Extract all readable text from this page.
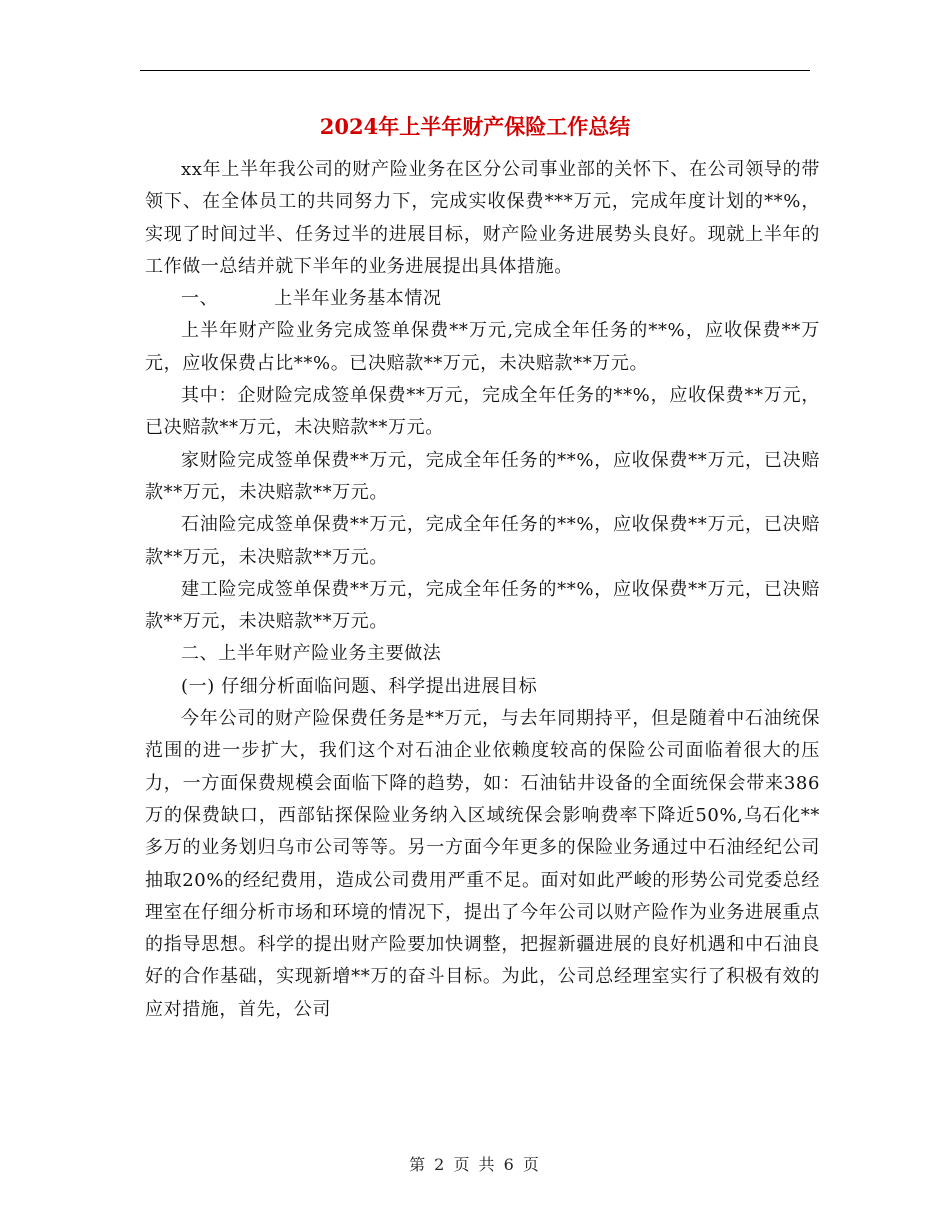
2024年上半年财产保险工作总结

xx年上半年我公司的财产险业务在区分公司事业部的关怀下、在公司领导的带领下、在全体员工的共同努力下，完成实收保费***万元，完成年度计划的**%，实现了时间过半、任务过半的进展目标，财产险业务进展势头良好。现就上半年的工作做一总结并就下半年的业务进展提出具体措施。

一、	上半年业务基本情况

上半年财产险业务完成签单保费**万元,完成全年任务的**%，应收保费**万元，应收保费占比**%。已决赔款**万元，未决赔款**万元。

其中：企财险完成签单保费**万元，完成全年任务的**%，应收保费**万元，已决赔款**万元，未决赔款**万元。

家财险完成签单保费**万元，完成全年任务的**%，应收保费**万元，已决赔款**万元，未决赔款**万元。

石油险完成签单保费**万元，完成全年任务的**%，应收保费**万元，已决赔款**万元，未决赔款**万元。

建工险完成签单保费**万元，完成全年任务的**%，应收保费**万元，已决赔款**万元，未决赔款**万元。

二、上半年财产险业务主要做法

(一) 仔细分析面临问题、科学提出进展目标

今年公司的财产险保费任务是**万元，与去年同期持平，但是随着中石油统保范围的进一步扩大，我们这个对石油企业依赖度较高的保险公司面临着很大的压力，一方面保费规模会面临下降的趋势，如：石油钻井设备的全面统保会带来386万的保费缺口，西部钻探保险业务纳入区域统保会影响费率下降近50%,乌石化**多万的业务划归乌市公司等等。另一方面今年更多的保险业务通过中石油经纪公司抽取20%的经纪费用，造成公司费用严重不足。面对如此严峻的形势公司党委总经理室在仔细分析市场和环境的情况下，提出了今年公司以财产险作为业务进展重点的指导思想。科学的提出财产险要加快调整，把握新疆进展的良好机遇和中石油良好的合作基础，实现新增**万的奋斗目标。为此，公司总经理室实行了积极有效的应对措施，首先，公司

第 2 页 共 6 页
